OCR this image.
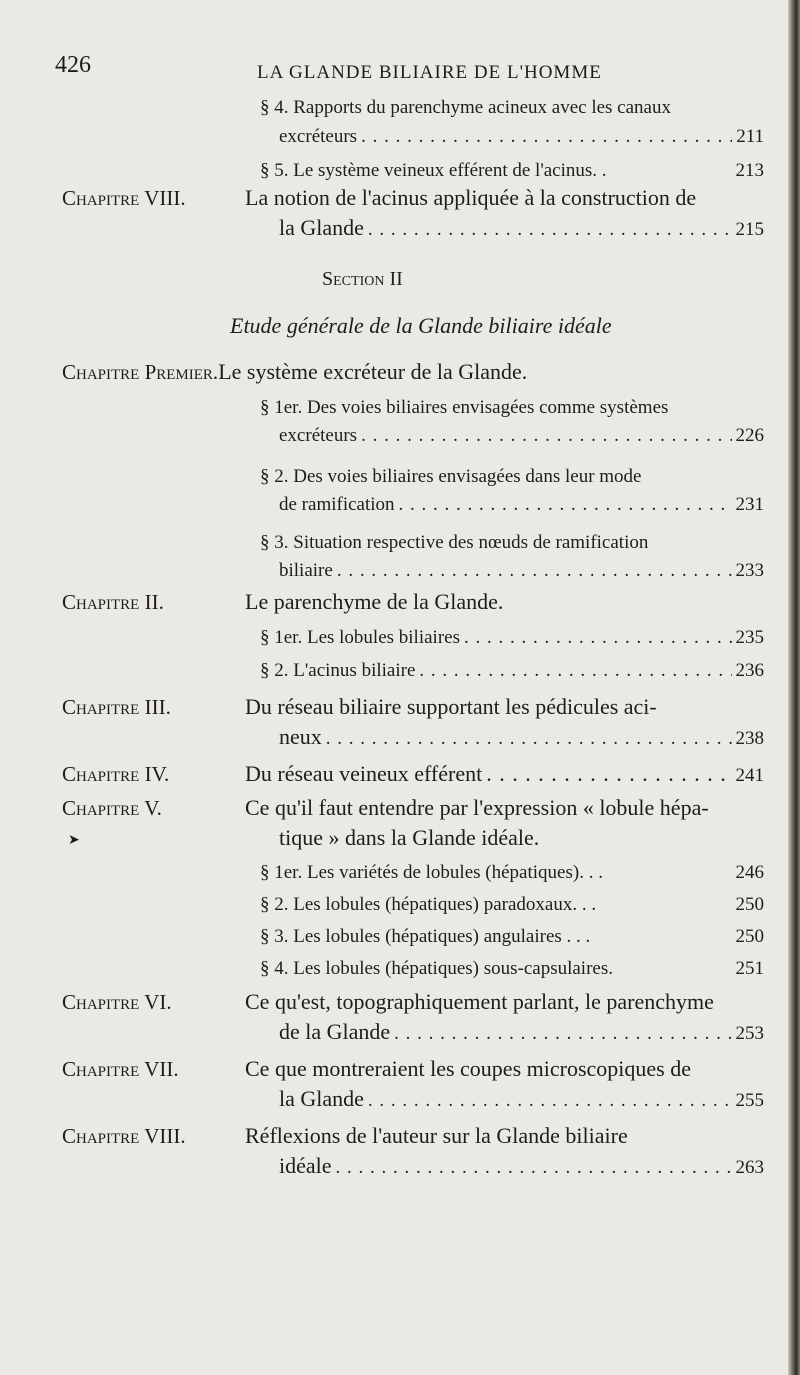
426	LA GLANDE BILIAIRE DE L'HOMME
§ 4. Rapports du parenchyme acineux avec les canaux
excréteurs . . .	211
§ 5. Le système veineux efférent de l'acinus. .	213
Chapitre VIII.	La notion de l'acinus appliquée à la construction de
la Glande . . .	215
Section II
Etude générale de la Glande biliaire idéale
Chapitre Premier.Le système excréteur de la Glande.
§ 1er. Des voies biliaires envisagées comme systèmes
excréteurs . . .	226
§ 2. Des voies biliaires envisagées dans leur mode
de ramification . . .	231
§ 3. Situation respective des nœuds de ramification
biliaire . . .	233
Chapitre II.	Le parenchyme de la Glande.
§ 1er. Les lobules biliaires . . .	235
§ 2. L'acinus biliaire . . .	236
Chapitre III.	Du réseau biliaire supportant les pédicules aci-
neux . . .	238
Chapitre IV.	Du réseau veineux efférent . . .	241
Chapitre V.	Ce qu'il faut entendre par l'expression « lobule hépa-
➤	tique » dans la Glande idéale.
§ 1er. Les variétés de lobules (hépatiques). . .	246
§ 2. Les lobules (hépatiques) paradoxaux. . .	250
§ 3. Les lobules (hépatiques) angulaires . . .	250
§ 4. Les lobules (hépatiques) sous-capsulaires.	251
Chapitre VI.	Ce qu'est, topographiquement parlant, le parenchyme
de la Glande . . .	253
Chapitre VII.	Ce que montreraient les coupes microscopiques de
la Glande . . .	255
Chapitre VIII.	Réflexions de l'auteur sur la Glande biliaire
idéale . . .	263
